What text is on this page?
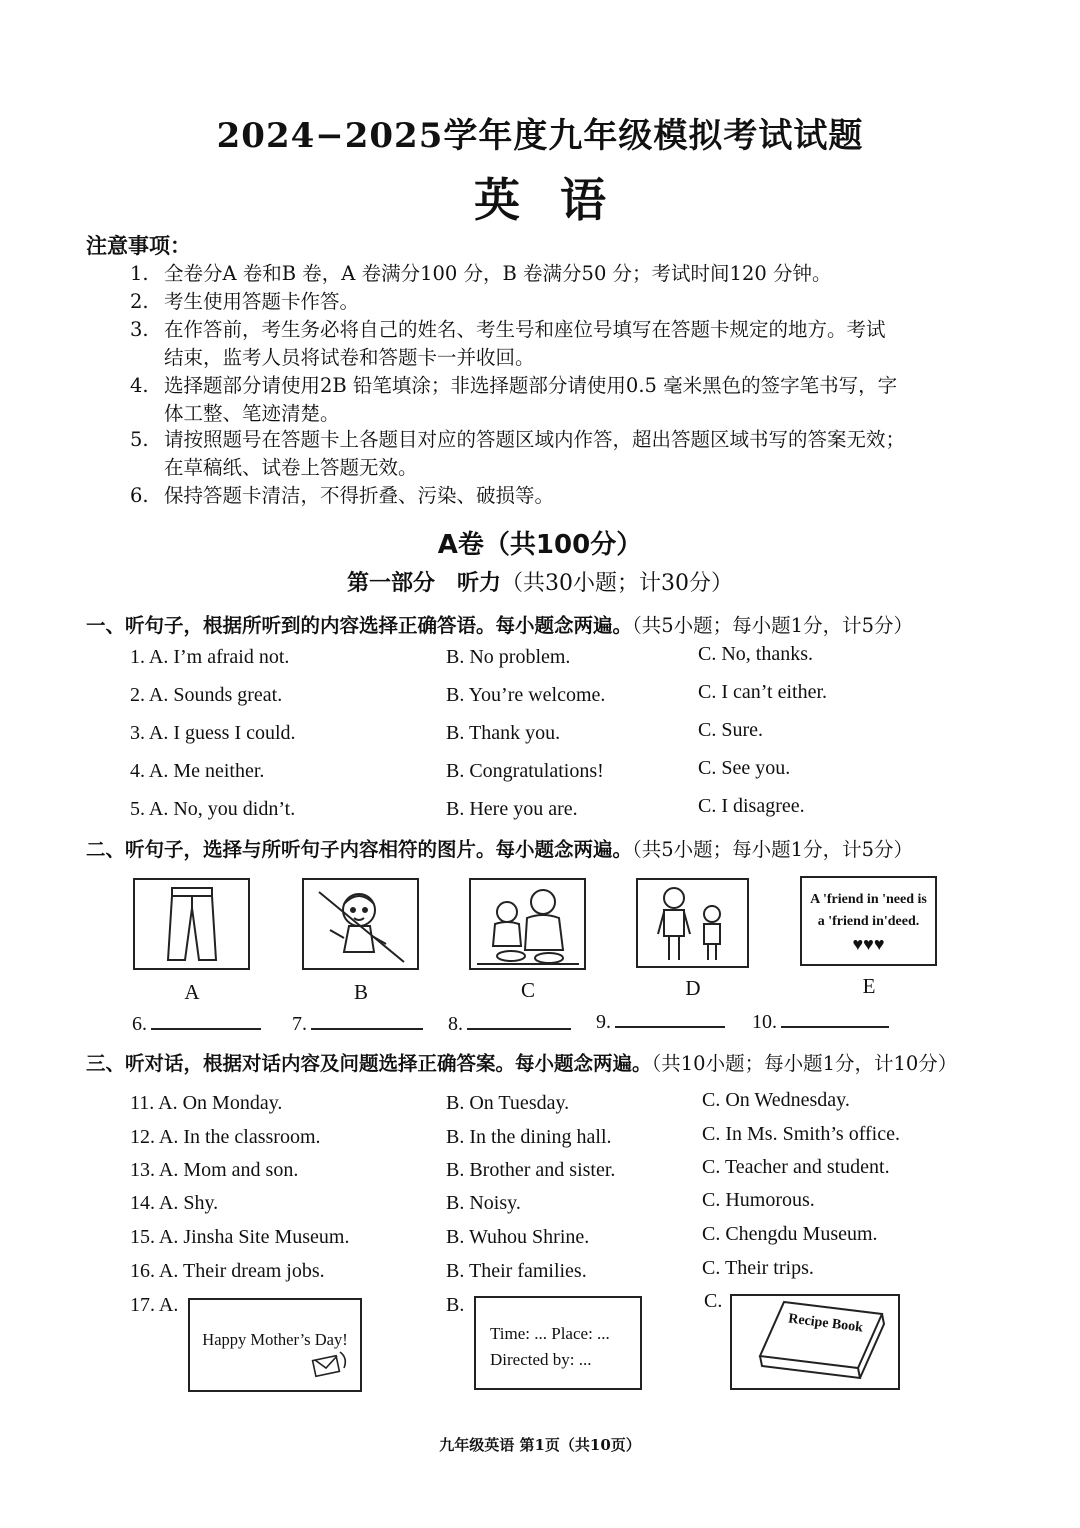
2024−2025学年度九年级模拟考试试题
英语
注意事项：
1. 全卷分A 卷和B 卷，A 卷满分100 分，B 卷满分50 分；考试时间120 分钟。
2. 考生使用答题卡作答。
3. 在作答前，考生务必将自己的姓名、考生号和座位号填写在答题卡规定的地方。考试
结束，监考人员将试卷和答题卡一并收回。
4. 选择题部分请使用2B 铅笔填涂；非选择题部分请使用0.5 毫米黑色的签字笔书写，字
体工整、笔迹清楚。
5. 请按照题号在答题卡上各题目对应的答题区域内作答，超出答题区域书写的答案无效；
在草稿纸、试卷上答题无效。
6. 保持答题卡清洁，不得折叠、污染、破损等。
A卷（共100分）
第一部分　听力（共30小题；计30分）
一、听句子，根据所听到的内容选择正确答语。每小题念两遍。（共5小题；每小题1分，计5分）
1. A. I’m afraid not.	B. No problem.	C. No, thanks.
2. A. Sounds great.	B. You’re welcome.	C. I can’t either.
3. A. I guess I could.	B. Thank you.	C. Sure.
4. A. Me neither.	B. Congratulations!	C. See you.
5. A. No, you didn’t.	B. Here you are.	C. I disagree.
二、听句子，选择与所听句子内容相符的图片。每小题念两遍。（共5小题；每小题1分，计5分）
A	B	C	D
A 'friend in 'need is
a 'friend in'deed.
♥♥♥
E
6.	7.	8.	9.	10.
三、听对话，根据对话内容及问题选择正确答案。每小题念两遍。（共10小题；每小题1分，计10分）
11. A. On Monday.	B. On Tuesday.	C. On Wednesday.
12. A. In the classroom.	B. In the dining hall.	C. In Ms. Smith’s office.
13. A. Mom and son.	B. Brother and sister.	C. Teacher and student.
14. A. Shy.	B. Noisy.	C. Humorous.
15. A. Jinsha Site Museum.	B. Wuhou Shrine.	C. Chengdu Museum.
16. A. Their dream jobs.	B. Their families.	C. Their trips.
17. A.
Happy Mother’s Day!
B.
Time: ... Place: ...
Directed by: ...
C.
Recipe Book
九年级英语 第1页（共10页）
